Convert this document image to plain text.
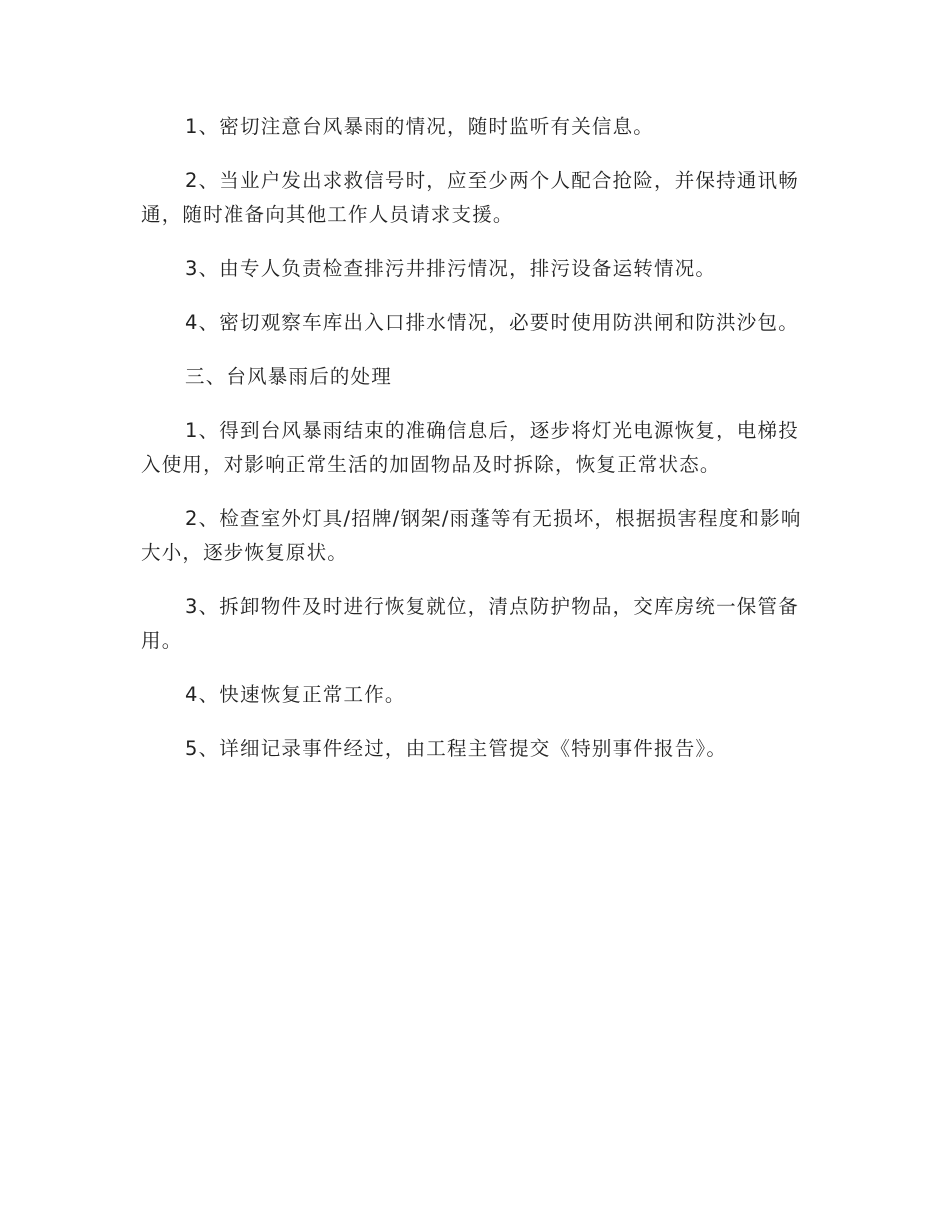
1、密切注意台风暴雨的情况，随时监听有关信息。

2、当业户发出求救信号时，应至少两个人配合抢险，并保持通讯畅通，随时准备向其他工作人员请求支援。

3、由专人负责检查排污井排污情况，排污设备运转情况。

4、密切观察车库出入口排水情况，必要时使用防洪闸和防洪沙包。

三、台风暴雨后的处理

1、得到台风暴雨结束的准确信息后，逐步将灯光电源恢复，电梯投入使用，对影响正常生活的加固物品及时拆除，恢复正常状态。

2、检查室外灯具/招牌/钢架/雨蓬等有无损坏，根据损害程度和影响大小，逐步恢复原状。

3、拆卸物件及时进行恢复就位，清点防护物品，交库房统一保管备用。

4、快速恢复正常工作。

5、详细记录事件经过，由工程主管提交《特别事件报告》。
